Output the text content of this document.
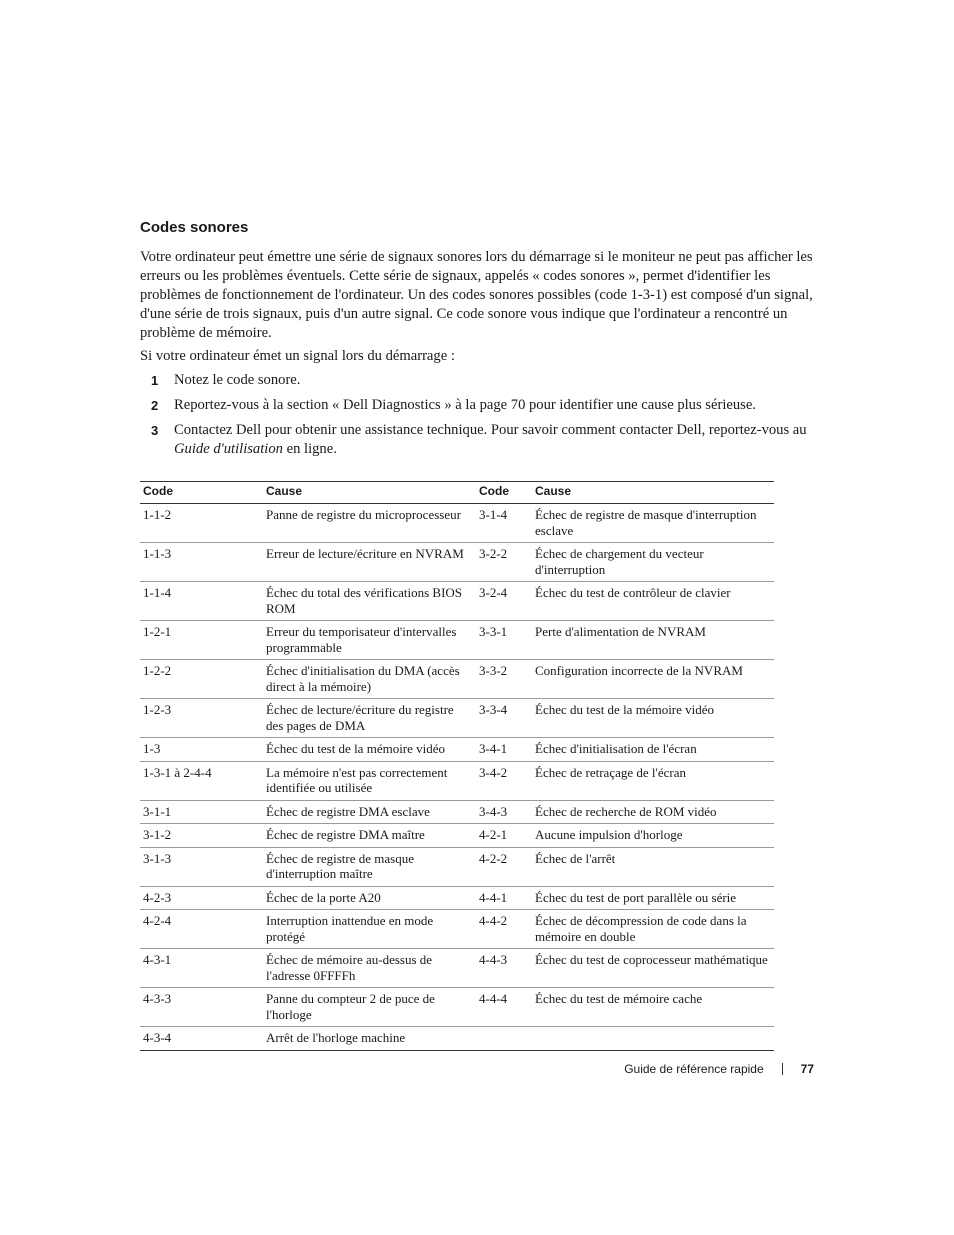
Codes sonores

Votre ordinateur peut émettre une série de signaux sonores lors du démarrage si le moniteur ne peut pas afficher les erreurs ou les problèmes éventuels. Cette série de signaux, appelés « codes sonores », permet d'identifier les problèmes de fonctionnement de l'ordinateur. Un des codes sonores possibles (code 1-3-1) est composé d'un signal, d'une série de trois signaux, puis d'un autre signal. Ce code sonore vous indique que l'ordinateur a rencontré un problème de mémoire.

Si votre ordinateur émet un signal lors du démarrage :

1 Notez le code sonore.
2 Reportez-vous à la section « Dell Diagnostics » à la page 70 pour identifier une cause plus sérieuse.
3 Contactez Dell pour obtenir une assistance technique. Pour savoir comment contacter Dell, reportez-vous au Guide d'utilisation en ligne.
Code	Cause	Code	Cause
1-1-2	Panne de registre du microprocesseur	3-1-4	Échec de registre de masque d'interruption esclave
1-1-3	Erreur de lecture/écriture en NVRAM	3-2-2	Échec de chargement du vecteur d'interruption
1-1-4	Échec du total des vérifications BIOS ROM	3-2-4	Échec du test de contrôleur de clavier
1-2-1	Erreur du temporisateur d'intervalles programmable	3-3-1	Perte d'alimentation de NVRAM
1-2-2	Échec d'initialisation du DMA (accès direct à la mémoire)	3-3-2	Configuration incorrecte de la NVRAM
1-2-3	Échec de lecture/écriture du registre des pages de DMA	3-3-4	Échec du test de la mémoire vidéo
1-3	Échec du test de la mémoire vidéo	3-4-1	Échec d'initialisation de l'écran
1-3-1 à 2-4-4	La mémoire n'est pas correctement identifiée ou utilisée	3-4-2	Échec de retraçage de l'écran
3-1-1	Échec de registre DMA esclave	3-4-3	Échec de recherche de ROM vidéo
3-1-2	Échec de registre DMA maître	4-2-1	Aucune impulsion d'horloge
3-1-3	Échec de registre de masque d'interruption maître	4-2-2	Échec de l'arrêt
4-2-3	Échec de la porte A20	4-4-1	Échec du test de port parallèle ou série
4-2-4	Interruption inattendue en mode protégé	4-4-2	Échec de décompression de code dans la mémoire en double
4-3-1	Échec de mémoire au-dessus de l'adresse 0FFFFh	4-4-3	Échec du test de coprocesseur mathématique
4-3-3	Panne du compteur 2 de puce de l'horloge	4-4-4	Échec du test de mémoire cache
4-3-4	Arrêt de l'horloge machine		
Guide de référence rapide	77
